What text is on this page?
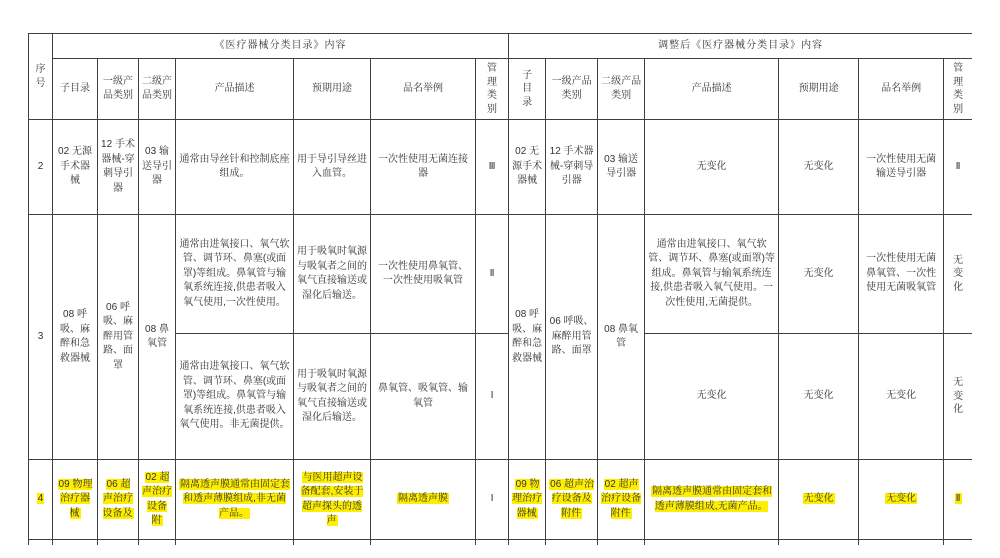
序号	《医疗器械分类目录》内容							调整后《医疗器械分类目录》内容						
	子目录	一级产品类别	二级产品类别	产品描述	预期用途	品名举例	管理类别	子目录	一级产品类别	二级产品类别	产品描述	预期用途	品名举例	管理类别

2	02 无源手术器械	12 手术器械-穿刺导引器	03 输送导引器	通常由导丝针和控制底座组成。	用于导引导丝进入血管。	一次性使用无菌连接器	Ⅲ	02 无源手术器械	12 手术器械-穿刺导引器	03 输送导引器	无变化	无变化	一次性使用无菌输送导引器	Ⅱ
3	08 呼吸、麻醉和急救器械	06 呼吸、麻醉用管路、面罩	08 鼻氧管	通常由进氧接口、氧气软管、调节环、鼻塞(或面罩)等组成。鼻氧管与输氧系统连接,供患者吸入氧气使用,一次性使用。	用于吸氧时氧源与吸氧者之间的氧气直接输送或湿化后输送。	一次性使用鼻氧管、一次性使用吸氧管	Ⅱ	08 呼吸、麻醉和急救器械	06 呼吸、麻醉用管路、面罩	08 鼻氧管	通常由进氧接口、氧气软管、调节环、鼻塞(或面罩)等组成。鼻氧管与输氧系统连接,供患者吸入氧气使用。一次性使用,无菌提供。	无变化	一次性使用无菌鼻氧管、一次性使用无菌吸氧管	无变化

				通常由进氧接口、氧气软管、调节环、鼻塞(或面罩)等组成。鼻氧管与输氧系统连接,供患者吸入氧气使用。非无菌提供。	用于吸氧时氧源与吸氧者之间的氧气直接输送或湿化后输送。	鼻氧管、吸氧管、输氧管	Ⅰ				无变化	无变化	无变化	无变化

4	09 物理治疗器械	06 超声治疗设备及	02 超声治疗设备附	隔离透声膜通常由固定套和透声薄膜组成,非无菌产品。	与医用超声设备配套,安装于超声探头的透声	隔离透声膜	Ⅰ	09 物理治疗器械	06 超声治疗设备及附件	02 超声治疗设备附件	隔离透声膜通常由固定套和透声薄膜组成,无菌产品。	无变化	无变化	Ⅱ
